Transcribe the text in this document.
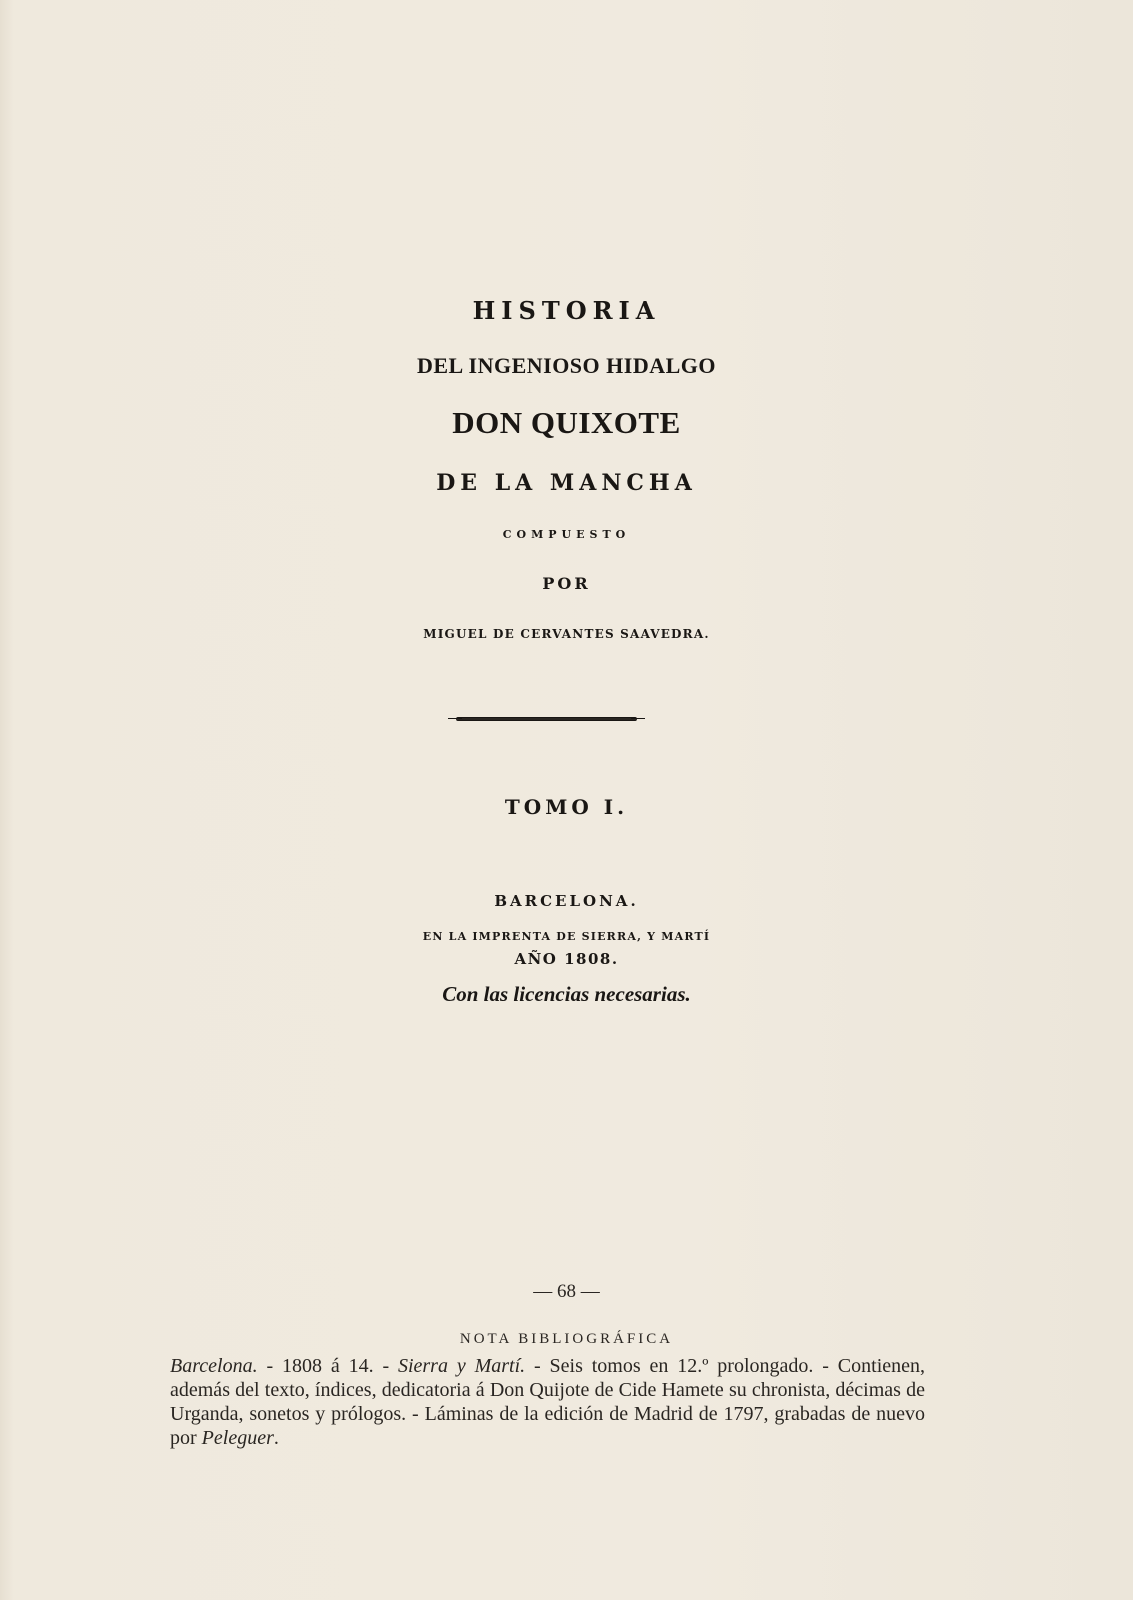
HISTORIA
DEL INGENIOSO HIDALGO
DON QUIXOTE
DE LA MANCHA
COMPUESTO
POR
MIGUEL DE CERVANTES SAAVEDRA.
TOMO I.
BARCELONA.
EN LA IMPRENTA DE SIERRA, Y MARTÍ
AÑO 1808.
Con las licencias necesarias.
— 68 —
NOTA BIBLIOGRÁFICA
Barcelona. - 1808 á 14. - Sierra y Martí. - Seis tomos en 12.º prolongado. - Contienen, además del texto, índices, dedicatoria á Don Quijote de Cide Hamete su chronista, décimas de Urganda, sonetos y prólogos. - Láminas de la edición de Madrid de 1797, grabadas de nuevo por Peleguer.
